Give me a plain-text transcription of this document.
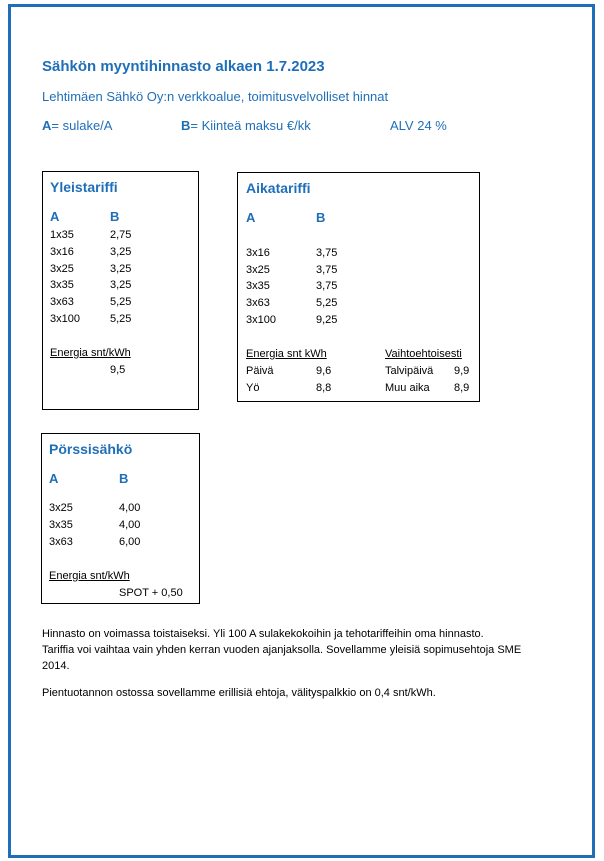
Sähkön myyntihinnasto alkaen 1.7.2023
Lehtimäen Sähkö Oy:n verkkoalue, toimitusvelvolliset hinnat
A= sulake/A	B= Kiinteä maksu €/kk	ALV 24 %
Yleistariffi
A	B
1x35	2,75
3x16	3,25
3x25	3,25
3x35	3,25
3x63	5,25
3x100	5,25
Energia snt/kWh
9,5
Aikatariffi
A	B
3x16	3,75
3x25	3,75
3x35	3,75
3x63	5,25
3x100	9,25
Energia snt kWh	Vaihtoehtoisesti
Päivä	9,6	Talvipäivä 9,9
Yö	8,8	Muu aika 8,9
Pörssisähkö
A	B
3x25	4,00
3x35	4,00
3x63	6,00
Energia snt/kWh
SPOT + 0,50
Hinnasto on voimassa toistaiseksi. Yli 100 A sulakekokoihin ja tehotariffeihin oma hinnasto.
Tariffia voi vaihtaa vain yhden kerran vuoden ajanjaksolla. Sovellamme yleisiä sopimusehtoja SME
2014.
Pientuotannon ostossa sovellamme erillisiä ehtoja, välityspalkkio on 0,4 snt/kWh.
